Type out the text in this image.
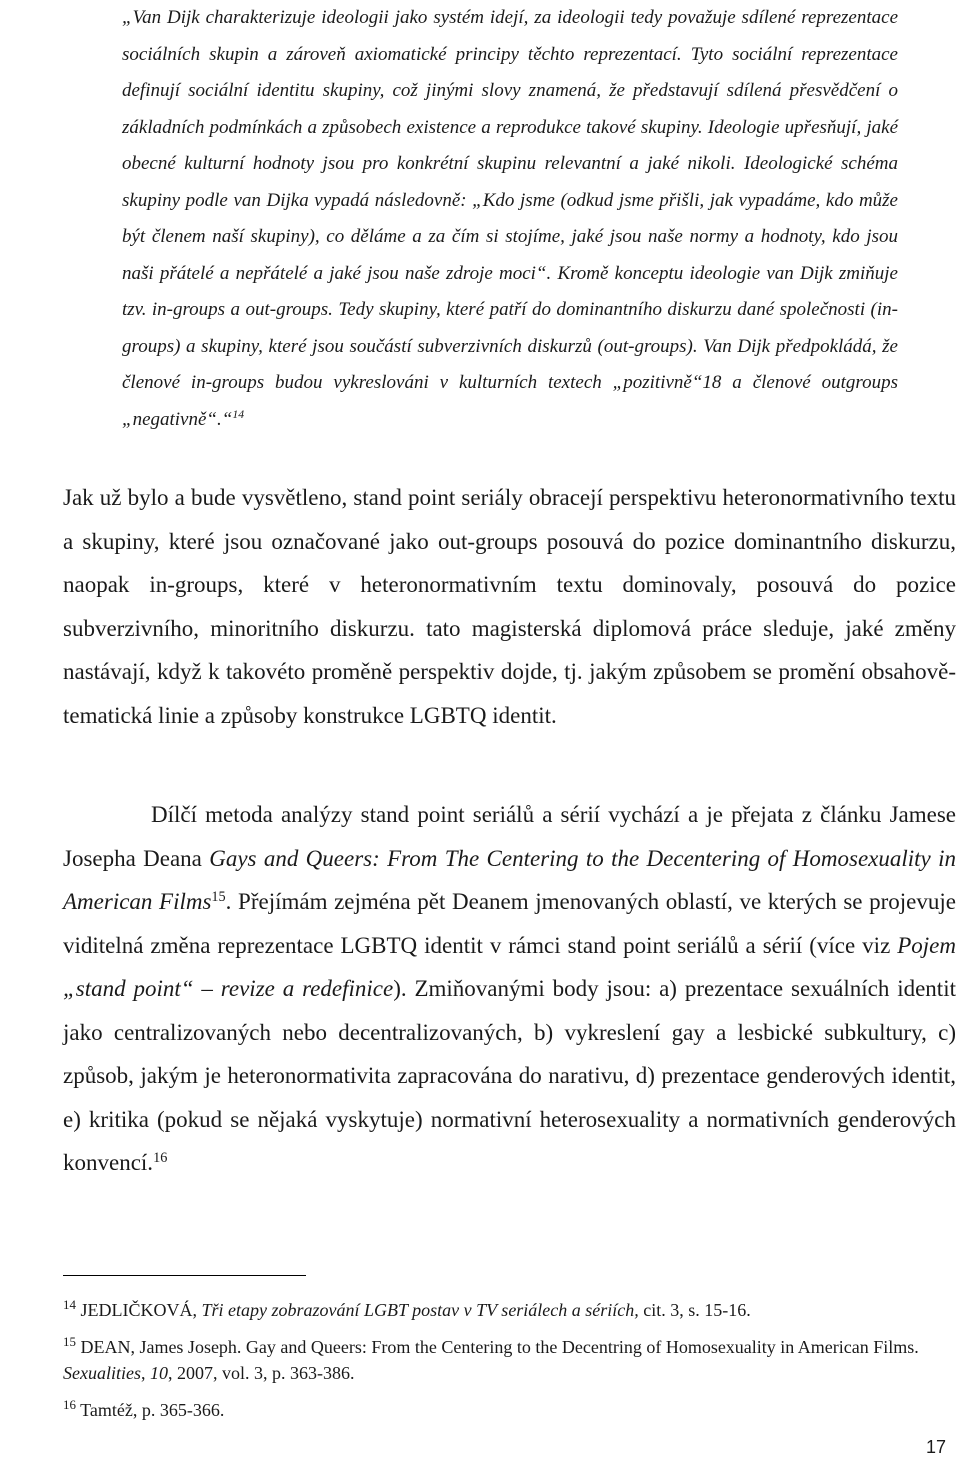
„Van Dijk charakterizuje ideologii jako systém idejí, za ideologii tedy považuje sdílené reprezentace sociálních skupin a zároveň axiomatické principy těchto reprezentací. Tyto sociální reprezentace definují sociální identitu skupiny, což jinými slovy znamená, že představují sdílená přesvědčení o základních podmínkách a způsobech existence a reprodukce takové skupiny. Ideologie upřesňují, jaké obecné kulturní hodnoty jsou pro konkrétní skupinu relevantní a jaké nikoli. Ideologické schéma skupiny podle van Dijka vypadá následovně: „Kdo jsme (odkud jsme přišli, jak vypadáme, kdo může být členem naší skupiny), co děláme a za čím si stojíme, jaké jsou naše normy a hodnoty, kdo jsou naši přátelé a nepřátelé a jaké jsou naše zdroje moci“. Kromě konceptu ideologie van Dijk zmiňuje tzv. in-groups a out-groups. Tedy skupiny, které patří do dominantního diskurzu dané společnosti (in-groups) a skupiny, které jsou součástí subverzivních diskurzů (out-groups). Van Dijk předpokládá, že členové in-groups budou vykreslováni v kulturních textech „pozitivně“18 a členové outgroups „negativně“.“$^{14}$
Jak už bylo a bude vysvětleno, stand point seriály obracejí perspektivu heteronormativního textu a skupiny, které jsou označované jako out-groups posouvá do pozice dominantního diskurzu, naopak in-groups, které v heteronormativním textu dominovaly, posouvá do pozice subverzivního, minoritního diskurzu. tato magisterská diplomová práce sleduje, jaké změny nastávají, když k takovéto proměně perspektiv dojde, tj. jakým způsobem se promění obsahově-tematická linie a způsoby konstrukce LGBTQ identit.
Dílčí metoda analýzy stand point seriálů a sérií vychází a je přejata z článku Jamese Josepha Deana Gays and Queers: From The Centering to the Decentering of Homosexuality in American Films$^{15}$. Přejímám zejména pět Deanem jmenovaných oblastí, ve kterých se projevuje viditelná změna reprezentace LGBTQ identit v rámci stand point seriálů a sérií (více viz Pojem „stand point“ – revize a redefinice). Zmiňovanými body jsou: a) prezentace sexuálních identit jako centralizovaných nebo decentralizovaných, b) vykreslení gay a lesbické subkultury, c) způsob, jakým je heteronormativita zapracována do narativu, d) prezentace genderových identit, e) kritika (pokud se nějaká vyskytuje) normativní heterosexuality a normativních genderových konvencí.$^{16}$
$^{14}$ JEDLIČKOVÁ, Tři etapy zobrazování LGBT postav v TV seriálech a sériích, cit. 3, s. 15-16.
$^{15}$ DEAN, James Joseph. Gay and Queers: From the Centering to the Decentring of Homosexuality in American Films. Sexualities, 10, 2007, vol. 3, p. 363-386.
$^{16}$ Tamtéž, p. 365-366.
17
